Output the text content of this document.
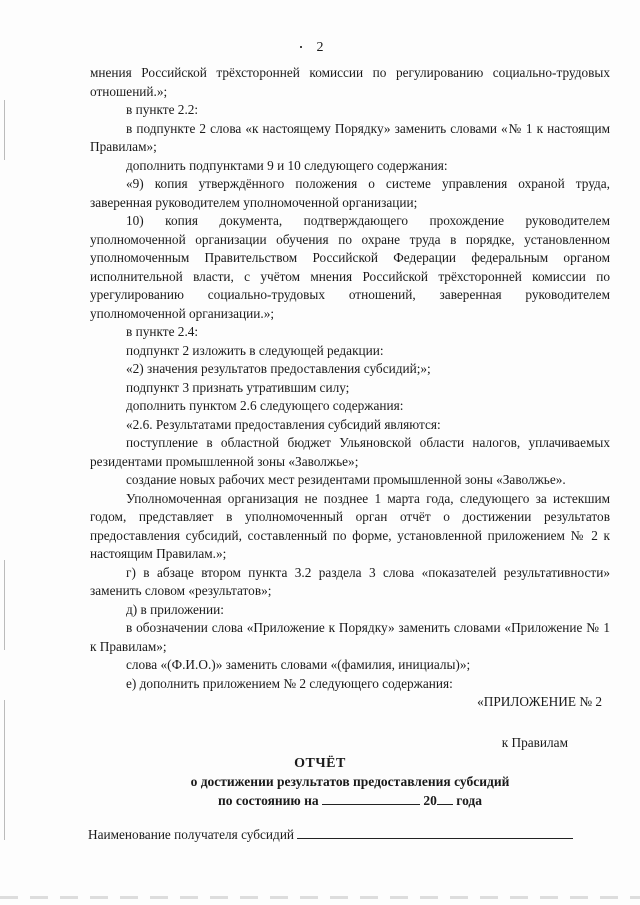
2

мнения Российской трёхсторонней комиссии по регулированию социально-трудовых отношений.»;

в пункте 2.2:

в подпункте 2 слова «к настоящему Порядку» заменить словами «№ 1 к настоящим Правилам»;

дополнить подпунктами 9 и 10 следующего содержания:

«9) копия утверждённого положения о системе управления охраной труда, заверенная руководителем уполномоченной организации;

10) копия документа, подтверждающего прохождение руководителем уполномоченной организации обучения по охране труда в порядке, установленном уполномоченным Правительством Российской Федерации федеральным органом исполнительной власти, с учётом мнения Российской трёхсторонней комиссии по урегулированию социально-трудовых отношений, заверенная руководителем уполномоченной организации.»;

в пункте 2.4:

подпункт 2 изложить в следующей редакции:

«2) значения результатов предоставления субсидий;»;

подпункт 3 признать утратившим силу;

дополнить пунктом 2.6 следующего содержания:

«2.6. Результатами предоставления субсидий являются:

поступление в областной бюджет Ульяновской области налогов, уплачиваемых резидентами промышленной зоны «Заволжье»;

создание новых рабочих мест резидентами промышленной зоны «Заволжье».

Уполномоченная организация не позднее 1 марта года, следующего за истекшим годом, представляет в уполномоченный орган отчёт о достижении результатов предоставления субсидий, составленный по форме, установленной приложением № 2 к настоящим Правилам.»;

г) в абзаце втором пункта 3.2 раздела 3 слова «показателей результативности» заменить словом «результатов»;

д) в приложении:

в обозначении слова «Приложение к Порядку» заменить словами «Приложение № 1 к Правилам»;

слова «(Ф.И.О.)» заменить словами «(фамилия, инициалы)»;

е) дополнить приложением № 2 следующего содержания:

«ПРИЛОЖЕНИЕ № 2

к Правилам

ОТЧЁТ
о достижении результатов предоставления субсидий
по состоянию на	20 года
Наименование получателя субсидий
